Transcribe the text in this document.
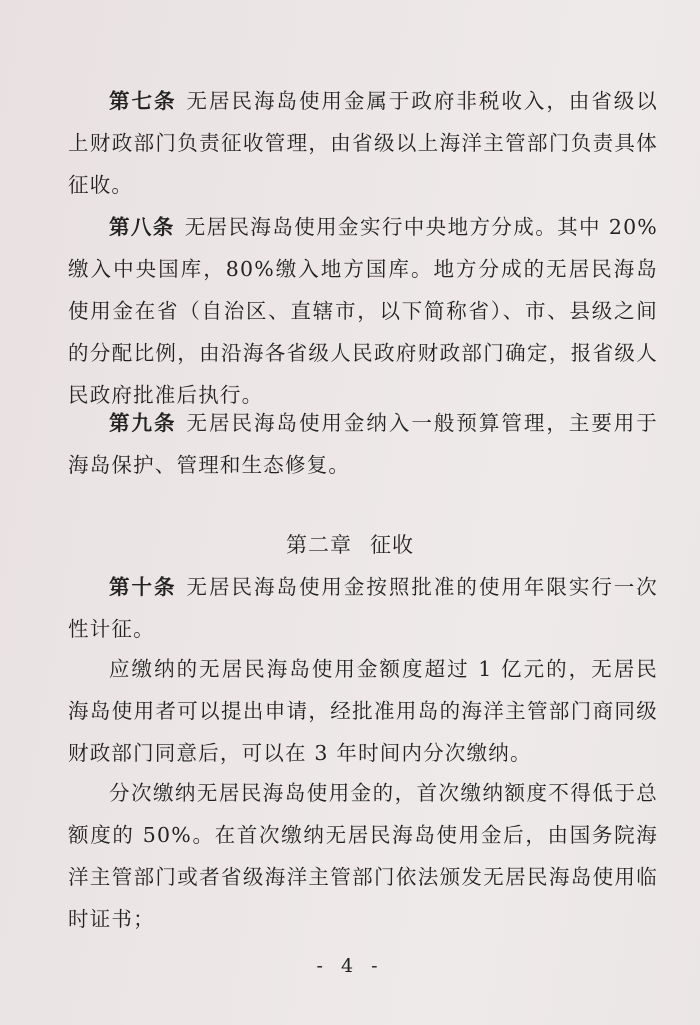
第七条 无居民海岛使用金属于政府非税收入，由省级以上财政部门负责征收管理，由省级以上海洋主管部门负责具体征收。

第八条 无居民海岛使用金实行中央地方分成。其中 20%缴入中央国库，80%缴入地方国库。地方分成的无居民海岛使用金在省（自治区、直辖市，以下简称省）、市、县级之间的分配比例，由沿海各省级人民政府财政部门确定，报省级人民政府批准后执行。

第九条 无居民海岛使用金纳入一般预算管理，主要用于海岛保护、管理和生态修复。

第二章 征收

第十条 无居民海岛使用金按照批准的使用年限实行一次性计征。

应缴纳的无居民海岛使用金额度超过 1 亿元的，无居民海岛使用者可以提出申请，经批准用岛的海洋主管部门商同级财政部门同意后，可以在 3 年时间内分次缴纳。

分次缴纳无居民海岛使用金的，首次缴纳额度不得低于总额度的 50%。在首次缴纳无居民海岛使用金后，由国务院海洋主管部门或者省级海洋主管部门依法颁发无居民海岛使用临时证书；

- 4 -
